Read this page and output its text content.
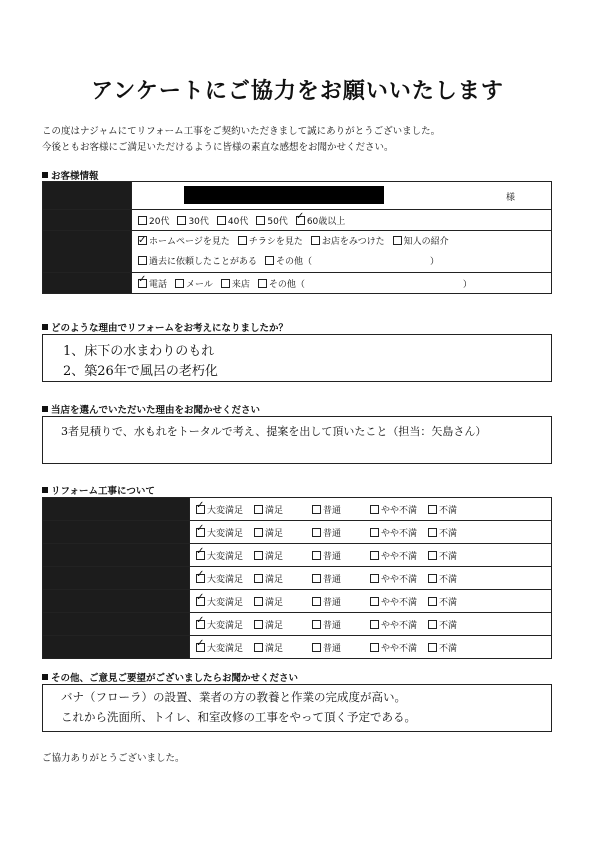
アンケートにご協力をお願いいたします
この度はナジャムにてリフォーム工事をご契約いただきまして誠にありがとうございました。
今後ともお客様にご満足いただけるように皆様の素直な感想をお聞かせください。
お客様情報

	様

	20代 30代 40代 50代 ✓ 60歳以上

✓ホームページを見た チラシを見た お店をみつけた 知人の紹介
過去に依頼したことがある その他（ ）

	✓電話 メール 来店 その他（ ）
どのような理由でリフォームをお考えになりましたか？
1、床下の水まわりのもれ
2、築26年で風呂の老朽化
当店を選んでいただいた理由をお聞かせください
3者見積りで、水もれをトータルで考え、提案を出して頂いたこと（担当：矢島さん）
リフォーム工事について
	✓大変満足 満足 普通 やや不満 不満
	✓大変満足 満足 普通 やや不満 不満
	✓大変満足 満足 普通 やや不満 不満
	✓大変満足 満足 普通 やや不満 不満
	✓大変満足 満足 普通 やや不満 不満
	✓大変満足 満足 普通 やや不満 不満
	✓大変満足 満足 普通 やや不満 不満
その他、ご意見ご要望がございましたらお聞かせください
バナ（フローラ）の設置、業者の方の教養と作業の完成度が高い。
これから洗面所、トイレ、和室改修の工事をやって頂く予定である。
ご協力ありがとうございました。
